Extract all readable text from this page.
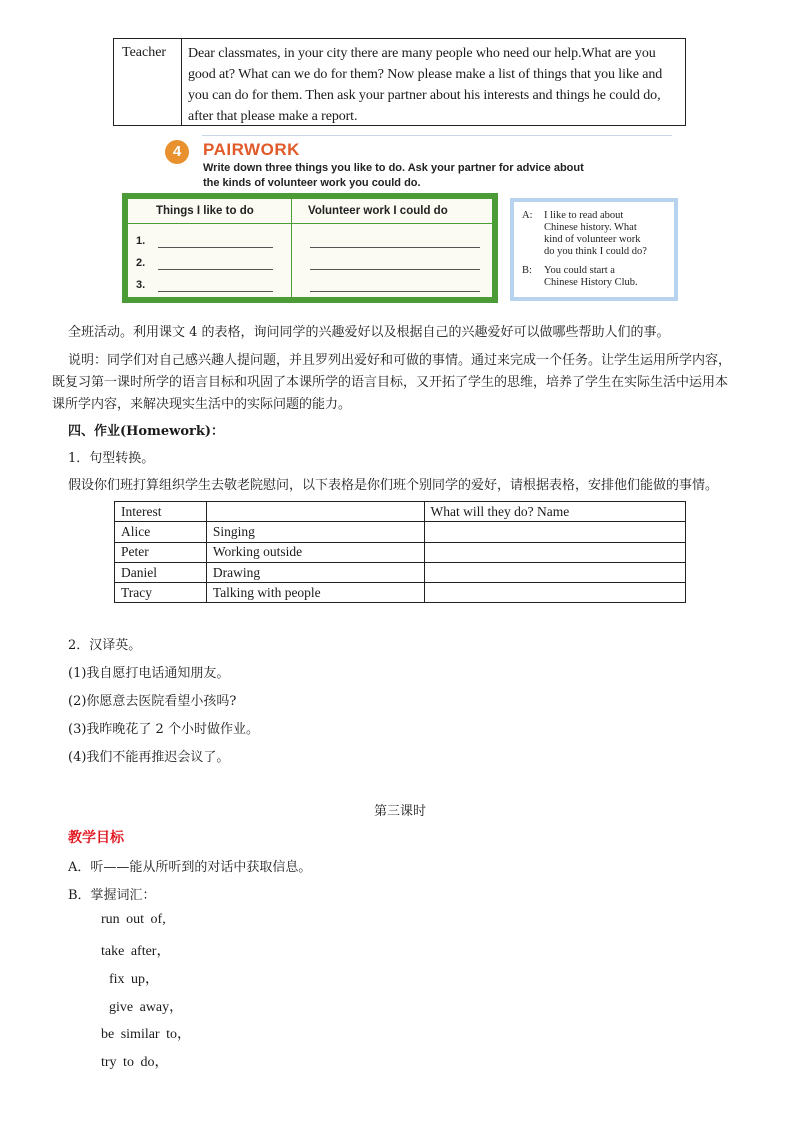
Teacher	Dear classmates, in your city there are many people who need our help.What are you
good at? What can we do for them? Now please make a list of things that you like and
you can do for them. Then ask your partner about his interests and things he could do,
after that please make a report.
4	PAIRWORK
Write down three things you like to do. Ask your partner for advice about
the kinds of volunteer work you could do.
Things I like to do	Volunteer work I could do
1.
2.
3.
A:	I like to read about
Chinese history. What
kind of volunteer work
do you think I could do?
B:	You could start a
Chinese History Club.
全班活动。利用课文 4 的表格，询问同学的兴趣爱好以及根据自己的兴趣爱好可以做哪些帮助人们的事。
说明：同学们对自己感兴趣人提问题，并且罗列出爱好和可做的事情。通过来完成一个任务。让学生运用所学内容，
既复习第一课时所学的语言目标和巩固了本课所学的语言目标，又开拓了学生的思维，培养了学生在实际生活中运用本
课所学内容，来解决现实生活中的实际问题的能力。
四、作业(Homework)：
1．句型转换。
假设你们班打算组织学生去敬老院慰问，以下表格是你们班个别同学的爱好，请根据表格，安排他们能做的事情。
Interest		What will they do? Name
Alice	Singing	
Peter	Working outside	
Daniel	Drawing	
Tracy	Talking with people	
2．汉译英。
(1)我自愿打电话通知朋友。
(2)你愿意去医院看望小孩吗?
(3)我昨晚花了 2 个小时做作业。
(4)我们不能再推迟会议了。
第三课时
教学目标
A．听——能从所听到的对话中获取信息。
B．掌握词汇：
run out of,
take after，
fix up，
give away，
be similar to，
try to do，
